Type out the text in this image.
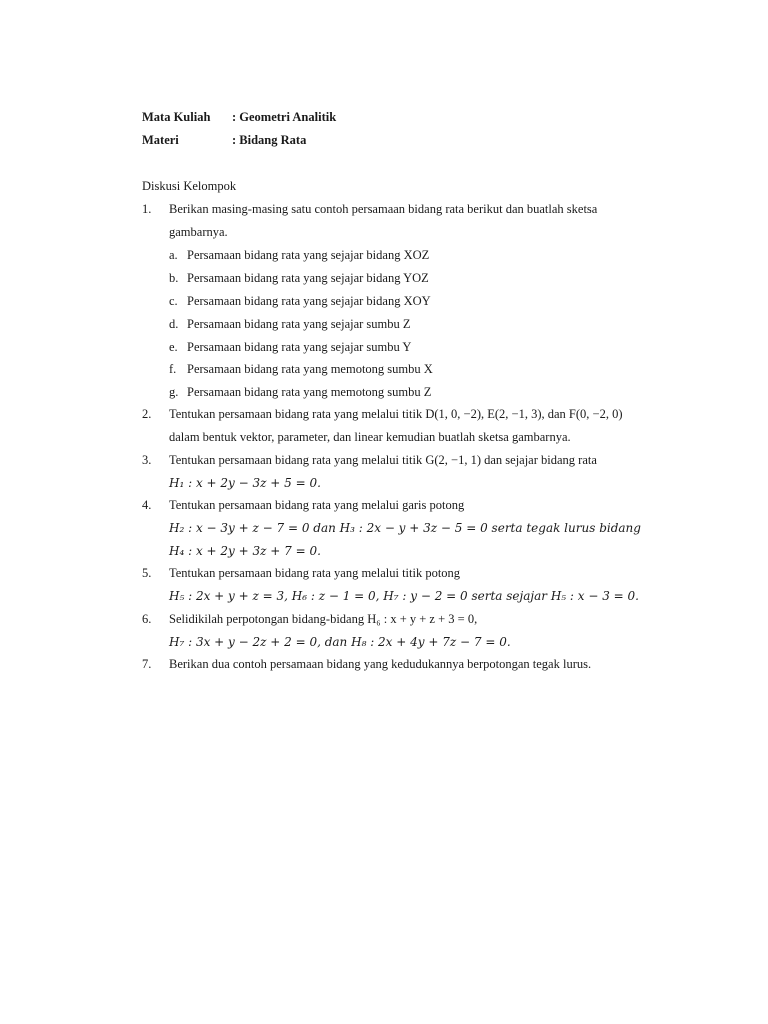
Mata Kuliah : Geometri Analitik
Materi	: Bidang Rata
Diskusi Kelompok
1. Berikan masing-masing satu contoh persamaan bidang rata berikut dan buatlah sketsa
gambarnya.
a. Persamaan bidang rata yang sejajar bidang XOZ
b. Persamaan bidang rata yang sejajar bidang YOZ
c. Persamaan bidang rata yang sejajar bidang XOY
d. Persamaan bidang rata yang sejajar sumbu Z
e. Persamaan bidang rata yang sejajar sumbu Y
f. Persamaan bidang rata yang memotong sumbu X
g. Persamaan bidang rata yang memotong sumbu Z
2. Tentukan persamaan bidang rata yang melalui titik D(1, 0, −2), E(2, −1, 3), dan F(0, −2, 0)
dalam bentuk vektor, parameter, dan linear kemudian buatlah sketsa gambarnya.
3. Tentukan persamaan bidang rata yang melalui titik G(2, −1, 1) dan sejajar bidang rata
H₁ : x + 2y − 3z + 5 = 0.
4. Tentukan persamaan bidang rata yang melalui garis potong
H₂ : x − 3y + z − 7 = 0 dan H₃ : 2x − y + 3z − 5 = 0 serta tegak lurus bidang
H₄ : x + 2y + 3z + 7 = 0.
5. Tentukan persamaan bidang rata yang melalui titik potong
H₅ : 2x + y + z = 3, H₆ : z − 1 = 0, H₇ : y − 2 = 0 serta sejajar H₅ : x − 3 = 0.
6. Selidikilah perpotongan bidang-bidang H₆ : x + y + z + 3 = 0,
H₇ : 3x + y − 2z + 2 = 0, dan H₈ : 2x + 4y + 7z − 7 = 0.
7. Berikan dua contoh persamaan bidang yang kedudukannya berpotongan tegak lurus.
